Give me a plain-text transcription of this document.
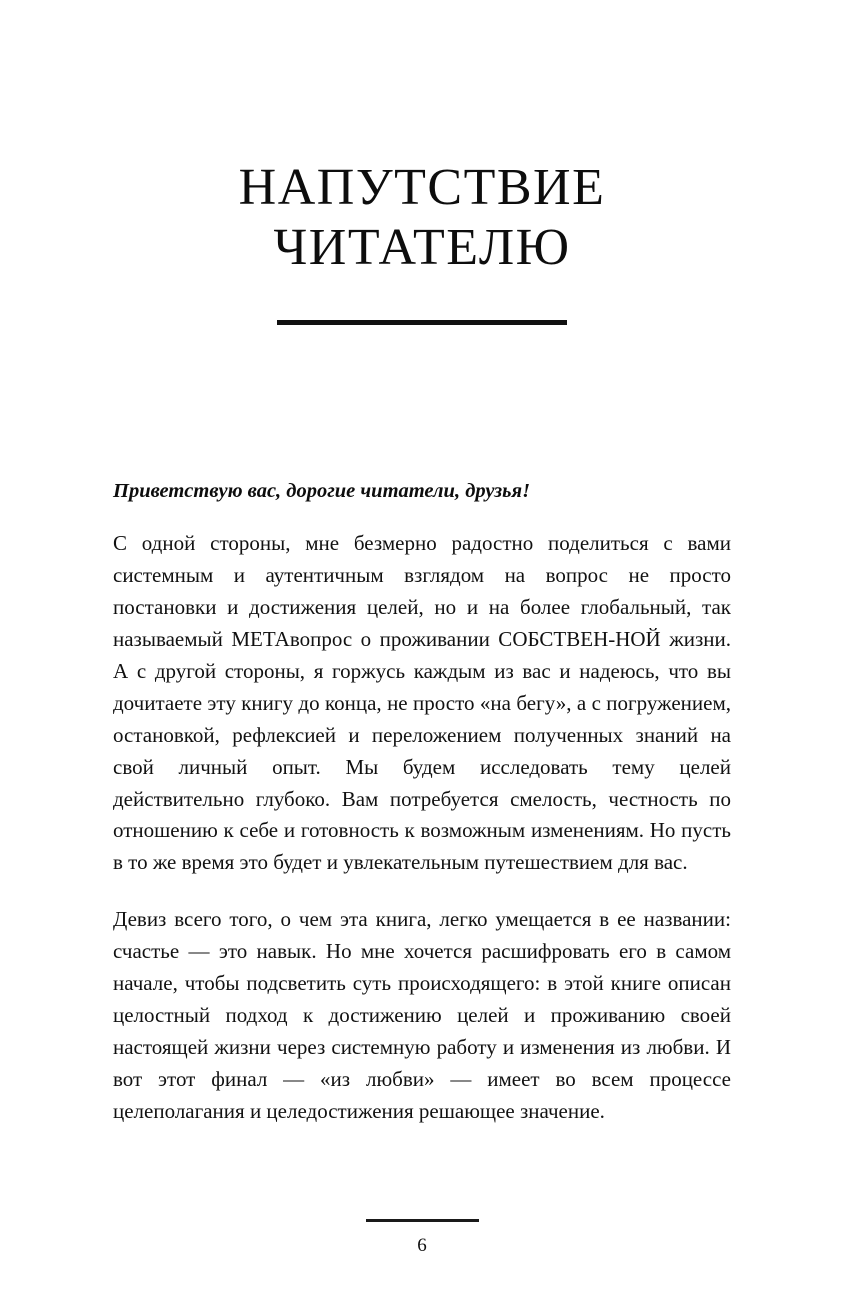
НАПУТСТВИЕ
ЧИТАТЕЛЮ

Приветствую вас, дорогие читатели, друзья!

С одной стороны, мне безмерно радостно поделиться с вами системным и аутентичным взглядом на вопрос не просто постановки и достижения целей, но и на более глобальный, так называемый МЕТАвопрос о проживании СОБСТВЕН-НОЙ жизни. А с другой стороны, я горжусь каждым из вас и надеюсь, что вы дочитаете эту книгу до конца, не просто «на бегу», а с погружением, остановкой, рефлексией и переложением полученных знаний на свой личный опыт. Мы будем исследовать тему целей действительно глубоко. Вам потребуется смелость, честность по отношению к себе и готовность к возможным изменениям. Но пусть в то же время это будет и увлекательным путешествием для вас.

Девиз всего того, о чем эта книга, легко умещается в ее названии: счастье — это навык. Но мне хочется расшифровать его в самом начале, чтобы подсветить суть происходящего: в этой книге описан целостный подход к достижению целей и проживанию своей настоящей жизни через системную работу и изменения из любви. И вот этот финал — «из любви» — имеет во всем процессе целеполагания и целедостижения решающее значение.

6
